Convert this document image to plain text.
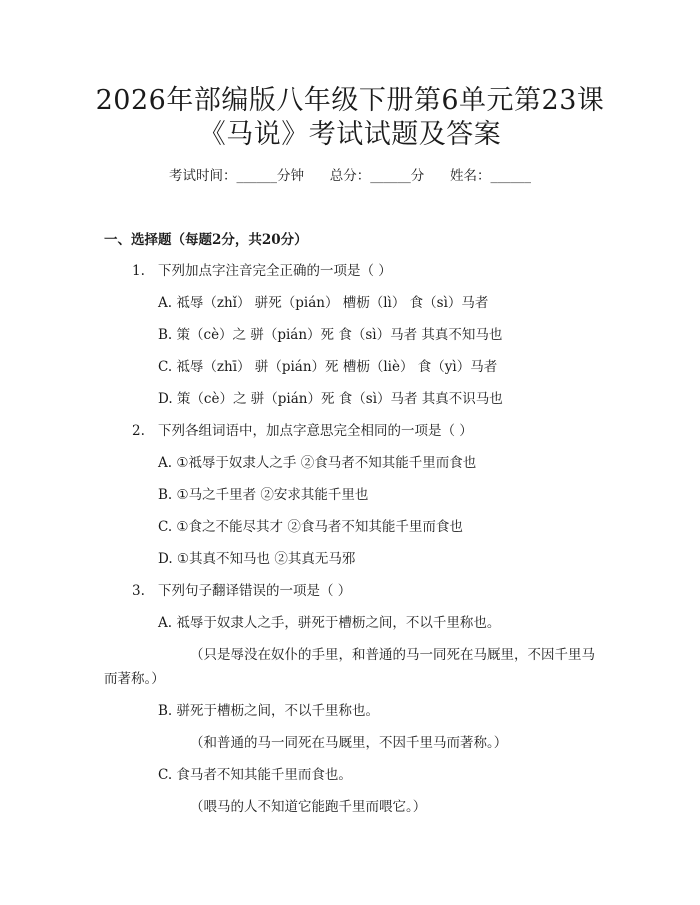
2026年部编版八年级下册第6单元第23课
《马说》考试试题及答案
考试时间：______分钟 总分：______分 姓名：______
一、选择题（每题2分，共20分）
1. 下列加点字注音完全正确的一项是（ ）
A. 祗辱（zhǐ） 骈死（pián） 槽枥（lì） 食（sì）马者
B. 策（cè）之 骈（pián）死 食（sì）马者 其真不知马也
C. 祗辱（zhī） 骈（pián）死 槽枥（liè） 食（yì）马者
D. 策（cè）之 骈（pián）死 食（sì）马者 其真不识马也
2. 下列各组词语中，加点字意思完全相同的一项是（ ）
A. ①祗辱于奴隶人之手 ②食马者不知其能千里而食也
B. ①马之千里者 ②安求其能千里也
C. ①食之不能尽其才 ②食马者不知其能千里而食也
D. ①其真不知马也 ②其真无马邪
3. 下列句子翻译错误的一项是（ ）
A. 祗辱于奴隶人之手，骈死于槽枥之间，不以千里称也。
（只是辱没在奴仆的手里，和普通的马一同死在马厩里，不因千里马
而著称。）
B. 骈死于槽枥之间，不以千里称也。
（和普通的马一同死在马厩里，不因千里马而著称。）
C. 食马者不知其能千里而食也。
（喂马的人不知道它能跑千里而喂它。）
